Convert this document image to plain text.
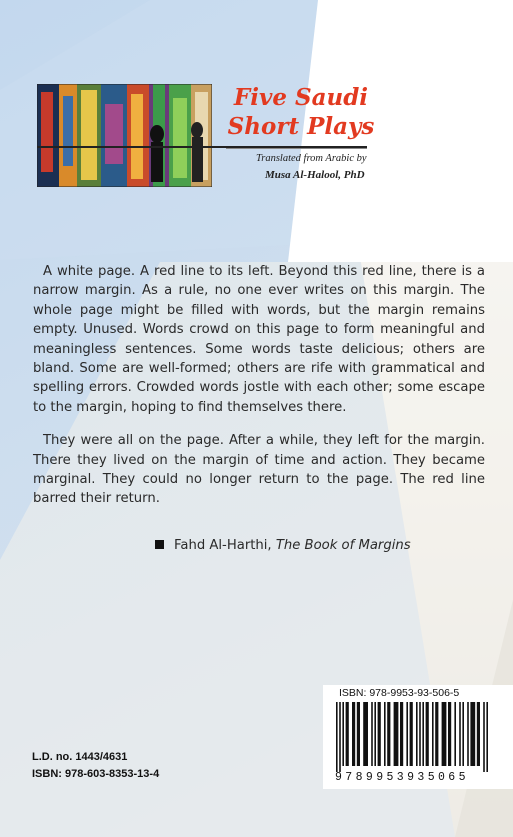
Five Saudi
Short Plays
Translated from Arabic by
Musa Al-Halool, PhD

A white page. A red line to its left. Beyond this red line, there is a narrow margin. As a rule, no one ever writes on this margin. The whole page might be filled with words, but the margin remains empty. Unused. Words crowd on this page to form meaningful and meaningless sentences. Some words taste delicious; others are bland. Some are well-formed; others are rife with grammatical and spelling errors. Crowded words jostle with each other; some escape to the margin, hoping to find themselves there.

They were all on the page. After a while, they left for the margin. There they lived on the margin of time and action. They became marginal. They could no longer return to the page. The red line barred their return.

Fahd Al-Harthi, The Book of Margins
ISBN: 978-9953-93-506-5
9789953935065
L.D. no. 1443/4631
ISBN: 978-603-8353-13-4
